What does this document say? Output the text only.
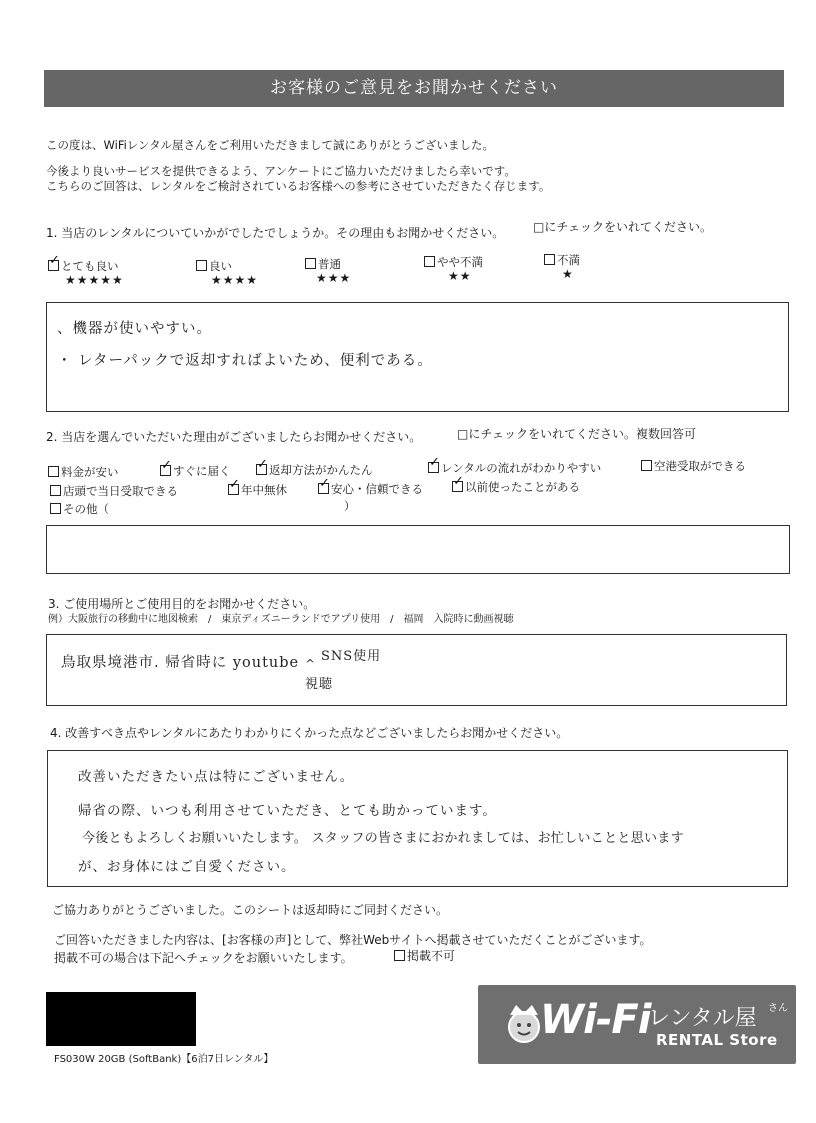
お客様のご意見をお聞かせください
この度は、WiFiレンタル屋さんをご利用いただきまして誠にありがとうございました。
今後より良いサービスを提供できるよう、アンケートにご協力いただけましたら幸いです。
こちらのご回答は、レンタルをご検討されているお客様への参考にさせていただきたく存じます。
1. 当店のレンタルについていかがでしたでしょうか。その理由もお聞かせください。 □にチェックをいれてください。
✓ とても良い
★★★★★
良い
★★★★
普通
★★★
やや不満
★★
不満
★
、機器が使いやすい。
・ レターパックで返却すればよいため、便利である。
2. 当店を選んでいただいた理由がございましたらお聞かせください。	□にチェックをいれてください。複数回答可
料金が安い	✓ すぐに届く ✓ 返却方法がかんたん	✓ レンタルの流れがわかりやすい	空港受取ができる
店頭で当日受取できる	✓ 年中無休 ✓ 安心・信頼できる ✓ 以前使ったことがある
その他（	）
3. ご使用場所とご使用目的をお聞かせください。
例）大阪旅行の移動中に地図検索　/　東京ディズニーランドでアプリ使用　/　福岡　入院時に動画視聴
鳥取県境港市. 帰省時に youtube ^ SNS使用
視聴
4. 改善すべき点やレンタルにあたりわかりにくかった点などございましたらお聞かせください。
改善いただきたい点は特にございません。
帰省の際、いつも利用させていただき、とても助かっています。
今後ともよろしくお願いいたします。 スタッフの皆さまにおかれましては、お忙しいことと思います
が、お身体にはご自愛ください。
ご協力ありがとうございました。このシートは返却時にご同封ください。
ご回答いただきました内容は、[お客様の声]として、弊社Webサイトへ掲載させていただくことがございます。
掲載不可の場合は下記へチェックをお願いいたします。	掲載不可
FS030W 20GB (SoftBank)【6泊7日レンタル】
Wi-Fi
レンタル屋 さん
RENTAL Store
